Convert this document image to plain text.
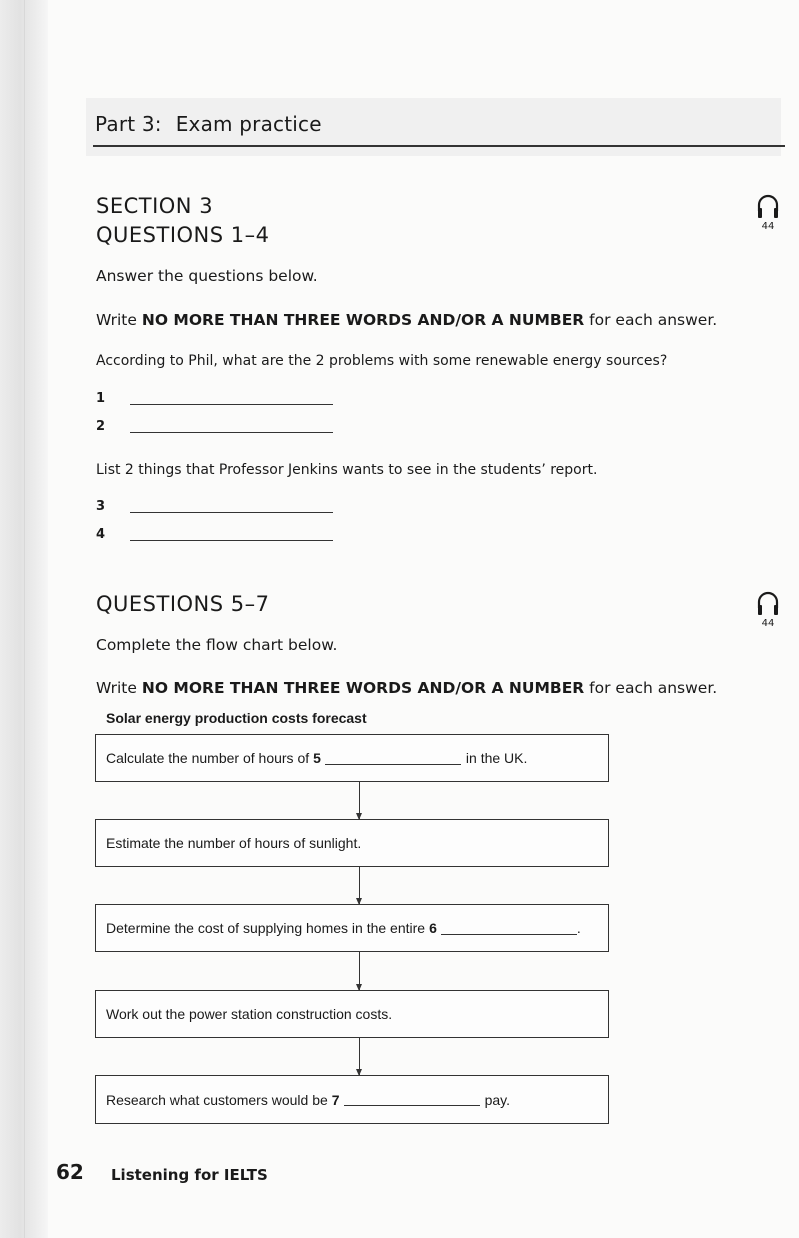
Part 3: Exam practice
SECTION 3
QUESTIONS 1–4	44
Answer the questions below.
Write NO MORE THAN THREE WORDS AND/OR A NUMBER for each answer.
According to Phil, what are the 2 problems with some renewable energy sources?
1
2
List 2 things that Professor Jenkins wants to see in the students’ report.
3
4
QUESTIONS 5–7
44
Complete the flow chart below.
Write NO MORE THAN THREE WORDS AND/OR A NUMBER for each answer.
Solar energy production costs forecast
Calculate the number of hours of 5	in the UK.
Estimate the number of hours of sunlight.
Determine the cost of supplying homes in the entire 6	.
Work out the power station construction costs.
Research what customers would be 7	pay.
62 Listening for IELTS
